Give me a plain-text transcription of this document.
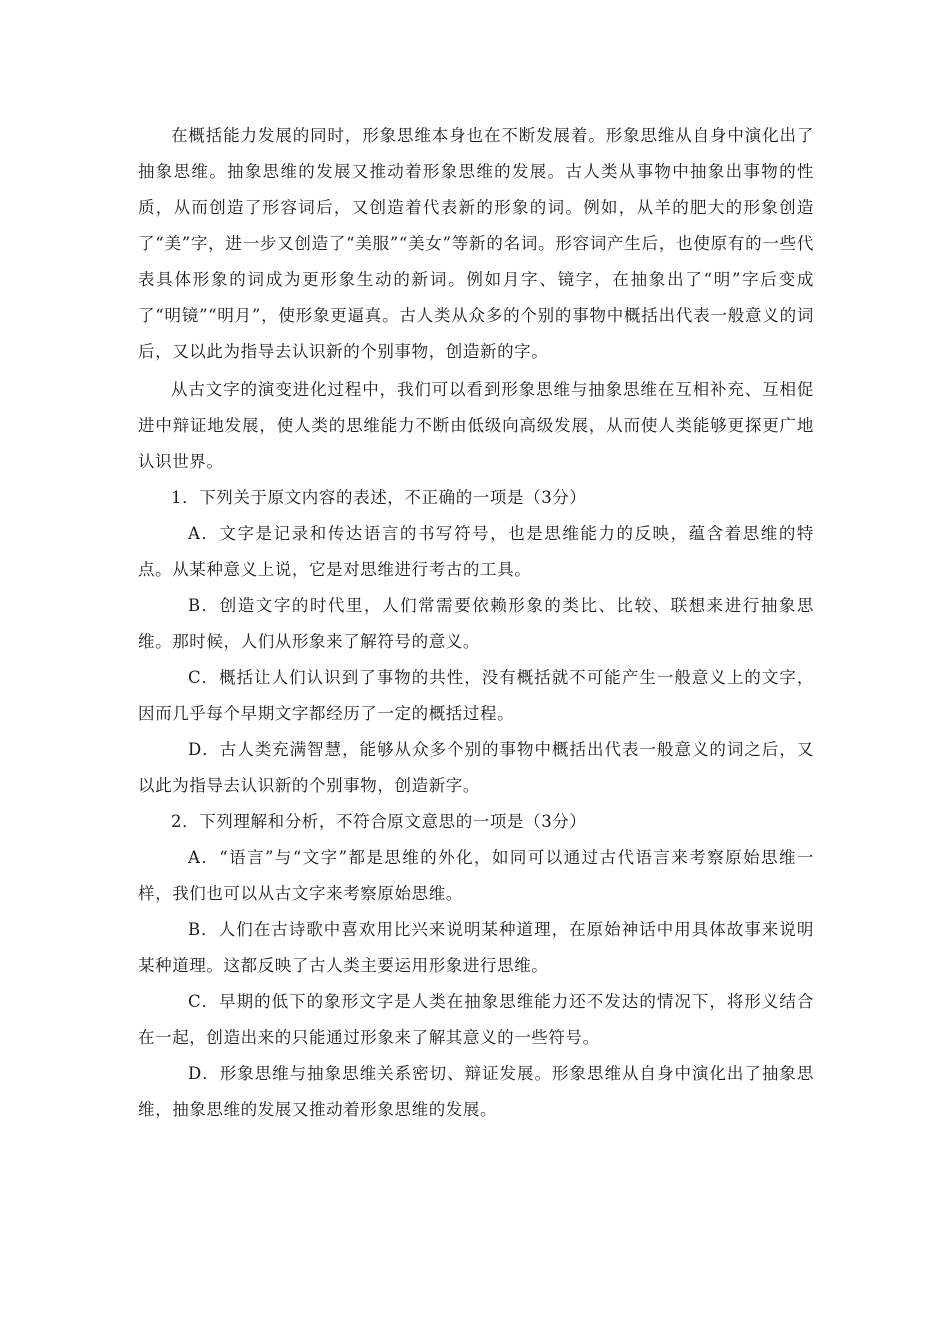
在概括能力发展的同时，形象思维本身也在不断发展着。形象思维从自身中演化出了抽象思维。抽象思维的发展又推动着形象思维的发展。古人类从事物中抽象出事物的性质，从而创造了形容词后，又创造着代表新的形象的词。例如，从羊的肥大的形象创造了“美”字，进一步又创造了“美服”“美女”等新的名词。形容词产生后，也使原有的一些代表具体形象的词成为更形象生动的新词。例如月字、镜字，在抽象出了“明”字后变成了“明镜”“明月”，使形象更逼真。古人类从众多的个别的事物中概括出代表一般意义的词后，又以此为指导去认识新的个别事物，创造新的字。

从古文字的演变进化过程中，我们可以看到形象思维与抽象思维在互相补充、互相促进中辩证地发展，使人类的思维能力不断由低级向高级发展，从而使人类能够更探更广地认识世界。

1．下列关于原文内容的表述，不正确的一项是（3分）

A．文字是记录和传达语言的书写符号，也是思维能力的反映，蕴含着思维的特点。从某种意义上说，它是对思维进行考古的工具。

B．创造文字的时代里，人们常需要依赖形象的类比、比较、联想来进行抽象思维。那时候，人们从形象来了解符号的意义。

C．概括让人们认识到了事物的共性，没有概括就不可能产生一般意义上的文字，因而几乎每个早期文字都经历了一定的概括过程。

D．古人类充满智慧，能够从众多个别的事物中概括出代表一般意义的词之后，又以此为指导去认识新的个别事物，创造新字。

2．下列理解和分析，不符合原文意思的一项是（3分）

A．“语言”与“文字”都是思维的外化，如同可以通过古代语言来考察原始思维一样，我们也可以从古文字来考察原始思维。

B．人们在古诗歌中喜欢用比兴来说明某种道理，在原始神话中用具体故事来说明某种道理。这都反映了古人类主要运用形象进行思维。

C．早期的低下的象形文字是人类在抽象思维能力还不发达的情况下，将形义结合在一起，创造出来的只能通过形象来了解其意义的一些符号。

D．形象思维与抽象思维关系密切、辩证发展。形象思维从自身中演化出了抽象思维，抽象思维的发展又推动着形象思维的发展。
